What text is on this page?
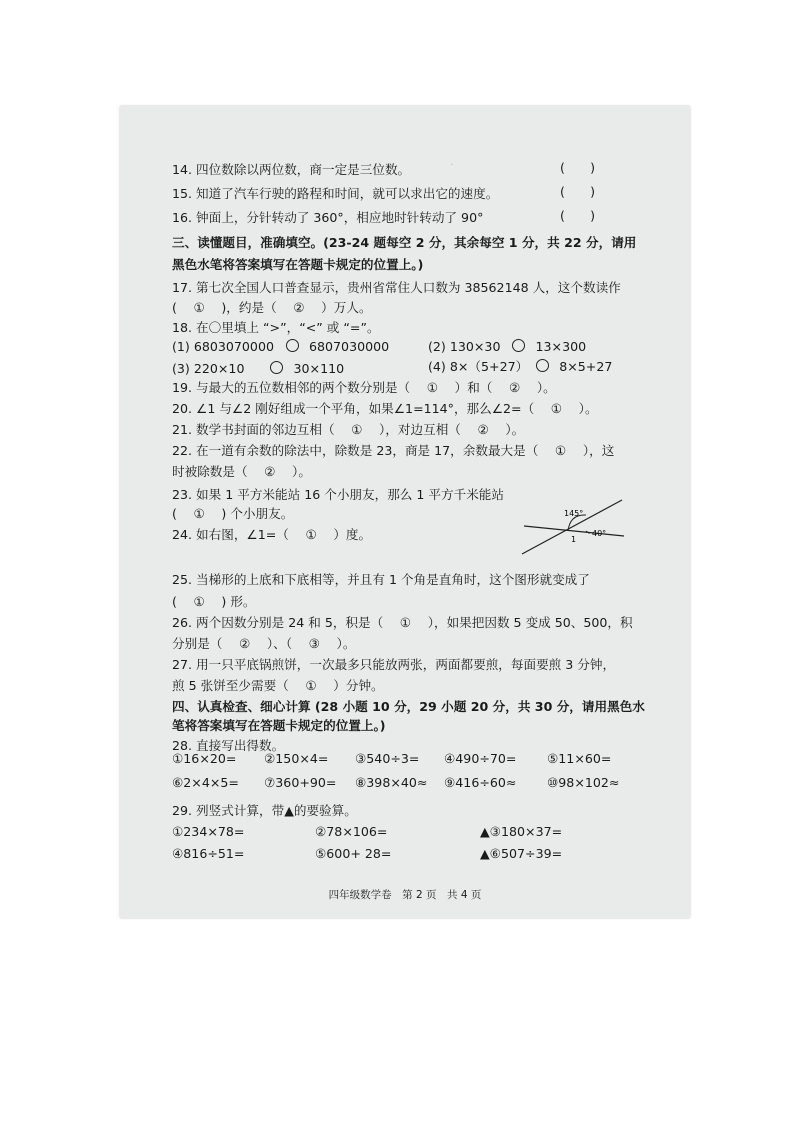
·　　　 　　　 　　
14. 四位数除以两位数，商一定是三位数。	(　　)
15. 知道了汽车行驶的路程和时间，就可以求出它的速度。	(　　)
16. 钟面上，分针转动了 360°，相应地时针转动了 90°	(　　)
三、读懂题目，准确填空。(23-24 题每空 2 分，其余每空 1 分，共 22 分，请用
黑色水笔将答案填写在答题卡规定的位置上。)
17. 第七次全国人口普查显示，贵州省常住人口数为 38562148 人，这个数读作
(　 ①　 )，约是（　 ②　 ）万人。
18. 在〇里填上 “>”，“<” 或 “=”。
(1) 6803070000	6807030000	(2) 130×30	13×300
(3) 220×10	30×110	(4) 8×（5+27） 8×5+27
19. 与最大的五位数相邻的两个数分别是（　 ①　 ）和（　 ②　 ）。
20. ∠1 与∠2 刚好组成一个平角，如果∠1=114°，那么∠2=（　 ①　 ）。
21. 数学书封面的邻边互相（　 ①　 ），对边互相（　 ②　 ）。
22. 在一道有余数的除法中，除数是 23，商是 17，余数最大是（　 ①　 ），这
时被除数是（　 ②　 ）。
23. 如果 1 平方米能站 16 个小朋友，那么 1 平方千米能站
(　 ①　 ) 个小朋友。
24. 如右图，∠1=（　 ①　 ）度。
145°
40°
1
25. 当梯形的上底和下底相等，并且有 1 个角是直角时，这个图形就变成了
(　 ①　 ) 形。
26. 两个因数分别是 24 和 5，积是（　 ①　 ），如果把因数 5 变成 50、500，积
分别是（　 ②　 ）、（　 ③　 ）。
27. 用一只平底锅煎饼，一次最多只能放两张，两面都要煎，每面要煎 3 分钟，
煎 5 张饼至少需要（　 ①　 ）分钟。
四、认真检查、细心计算 (28 小题 10 分，29 小题 20 分，共 30 分，请用黑色水
笔将答案填写在答题卡规定的位置上。)
28. 直接写出得数。
①16×20= ②150×4= ③540÷3= ④490÷70= ⑤11×60=
⑥2×4×5= ⑦360+90= ⑧398×40≈ ⑨416÷60≈ ⑩98×102≈
29. 列竖式计算，带▲的要验算。
①234×78=	②78×106=	▲③180×37=
④816÷51=	⑤600+ 28=	▲⑥507÷39=
四年级数学卷　第 2 页　共 4 页
